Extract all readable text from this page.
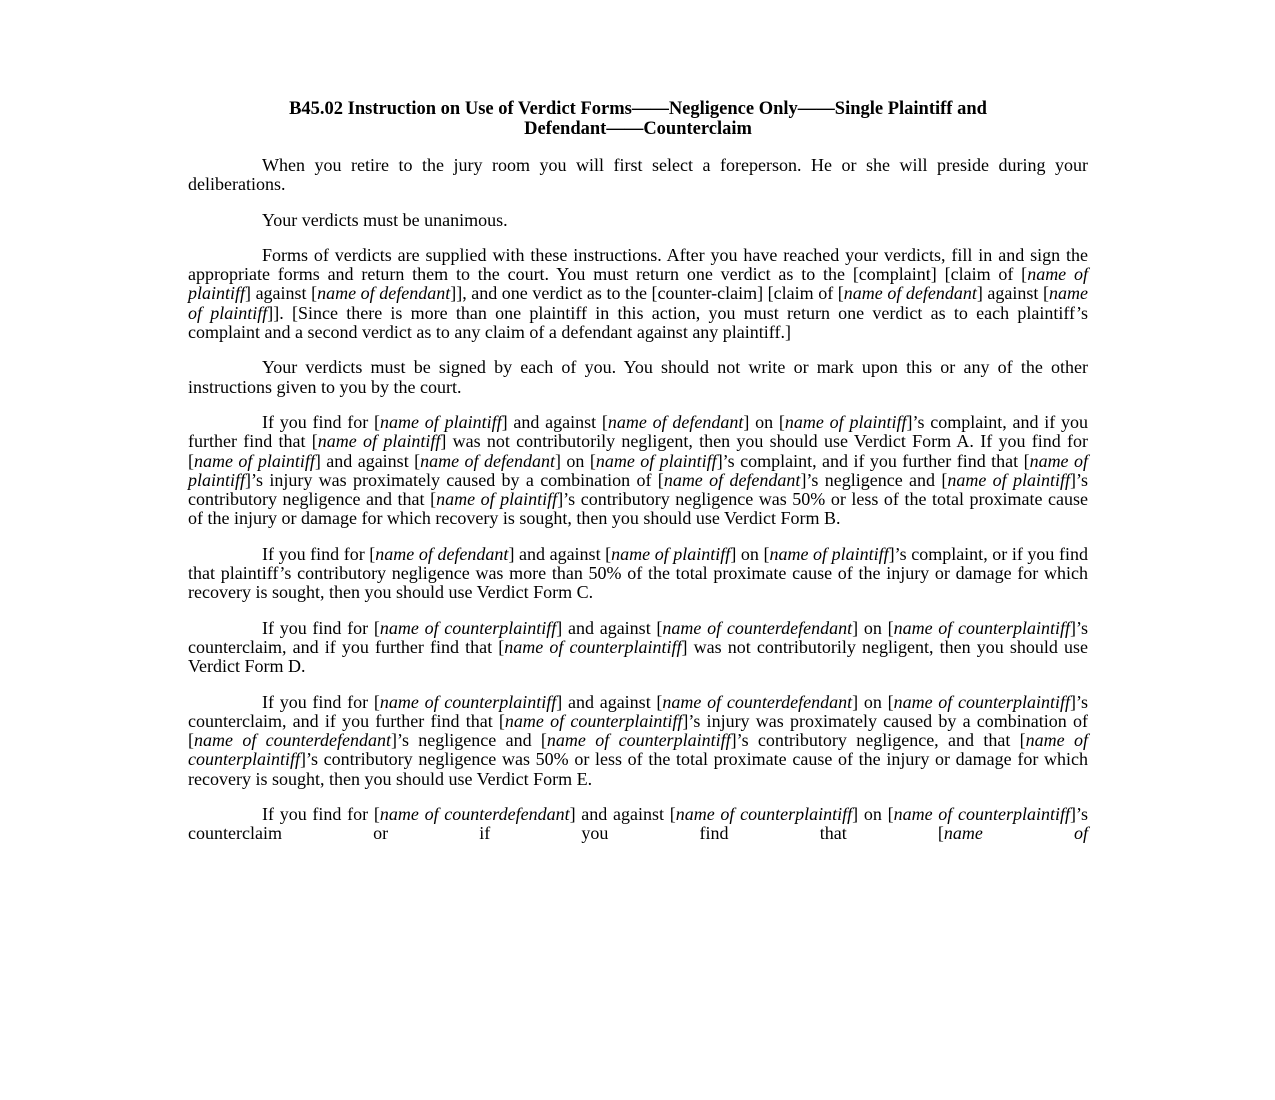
B45.02 Instruction on Use of Verdict Forms——Negligence Only——Single Plaintiff and
Defendant——Counterclaim

When you retire to the jury room you will first select a foreperson. He or she will preside during your deliberations.

Your verdicts must be unanimous.

Forms of verdicts are supplied with these instructions. After you have reached your verdicts, fill in and sign the appropriate forms and return them to the court. You must return one verdict as to the [complaint] [claim of [name of plaintiff] against [name of defendant]], and one verdict as to the [counter-claim] [claim of [name of defendant] against [name of plaintiff]]. [Since there is more than one plaintiff in this action, you must return one verdict as to each plaintiff’s complaint and a second verdict as to any claim of a defendant against any plaintiff.]

Your verdicts must be signed by each of you. You should not write or mark upon this or any of the other instructions given to you by the court.

If you find for [name of plaintiff] and against [name of defendant] on [name of plaintiff]’s complaint, and if you further find that [name of plaintiff] was not contributorily negligent, then you should use Verdict Form A. If you find for [name of plaintiff] and against [name of defendant] on [name of plaintiff]’s complaint, and if you further find that [name of plaintiff]’s injury was proximately caused by a combination of [name of defendant]’s negligence and [name of plaintiff]’s contributory negligence and that [name of plaintiff]’s contributory negligence was 50% or less of the total proximate cause of the injury or damage for which recovery is sought, then you should use Verdict Form B.

If you find for [name of defendant] and against [name of plaintiff] on [name of plaintiff]’s complaint, or if you find that plaintiff’s contributory negligence was more than 50% of the total proximate cause of the injury or damage for which recovery is sought, then you should use Verdict Form C.

If you find for [name of counterplaintiff] and against [name of counterdefendant] on [name of counterplaintiff]’s counterclaim, and if you further find that [name of counterplaintiff] was not contributorily negligent, then you should use Verdict Form D.

If you find for [name of counterplaintiff] and against [name of counterdefendant] on [name of counterplaintiff]’s counterclaim, and if you further find that [name of counterplaintiff]’s injury was proximately caused by a combination of [name of counterdefendant]’s negligence and [name of counterplaintiff]’s contributory negligence, and that [name of counterplaintiff]’s contributory negligence was 50% or less of the total proximate cause of the injury or damage for which recovery is sought, then you should use Verdict Form E.

If you find for [name of counterdefendant] and against [name of counterplaintiff] on [name of counterplaintiff]’s counterclaim or if you find that [name of
